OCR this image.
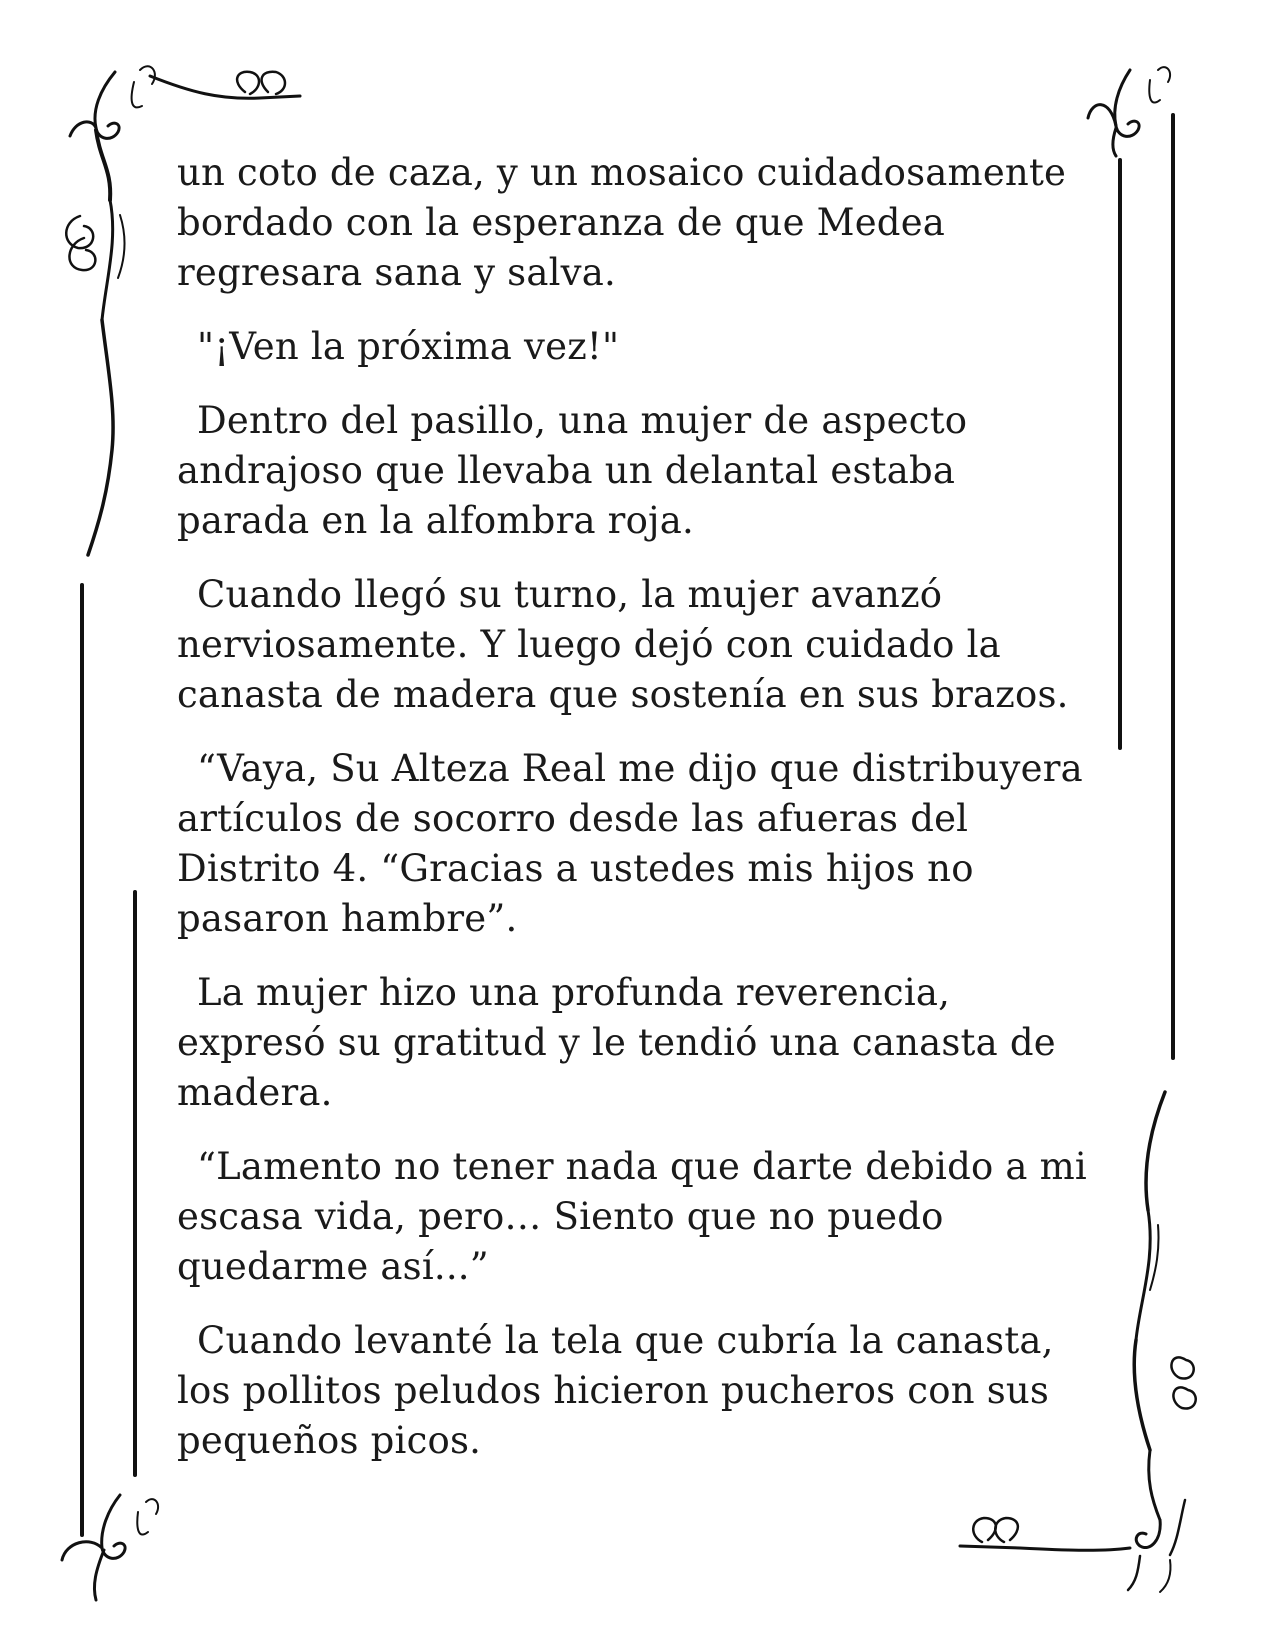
un coto de caza, y un mosaico cuidadosamente bordado con la esperanza de que Medea regresara sana y salva.

"¡Ven la próxima vez!"

Dentro del pasillo, una mujer de aspecto andrajoso que llevaba un delantal estaba parada en la alfombra roja.

Cuando llegó su turno, la mujer avanzó nerviosamente. Y luego dejó con cuidado la canasta de madera que sostenía en sus brazos.

“Vaya, Su Alteza Real me dijo que distribuyera artículos de socorro desde las afueras del Distrito 4. “Gracias a ustedes mis hijos no pasaron hambre”.

La mujer hizo una profunda reverencia, expresó su gratitud y le tendió una canasta de madera.

“Lamento no tener nada que darte debido a mi escasa vida, pero… Siento que no puedo quedarme así...”

Cuando levanté la tela que cubría la canasta, los pollitos peludos hicieron pucheros con sus pequeños picos.
